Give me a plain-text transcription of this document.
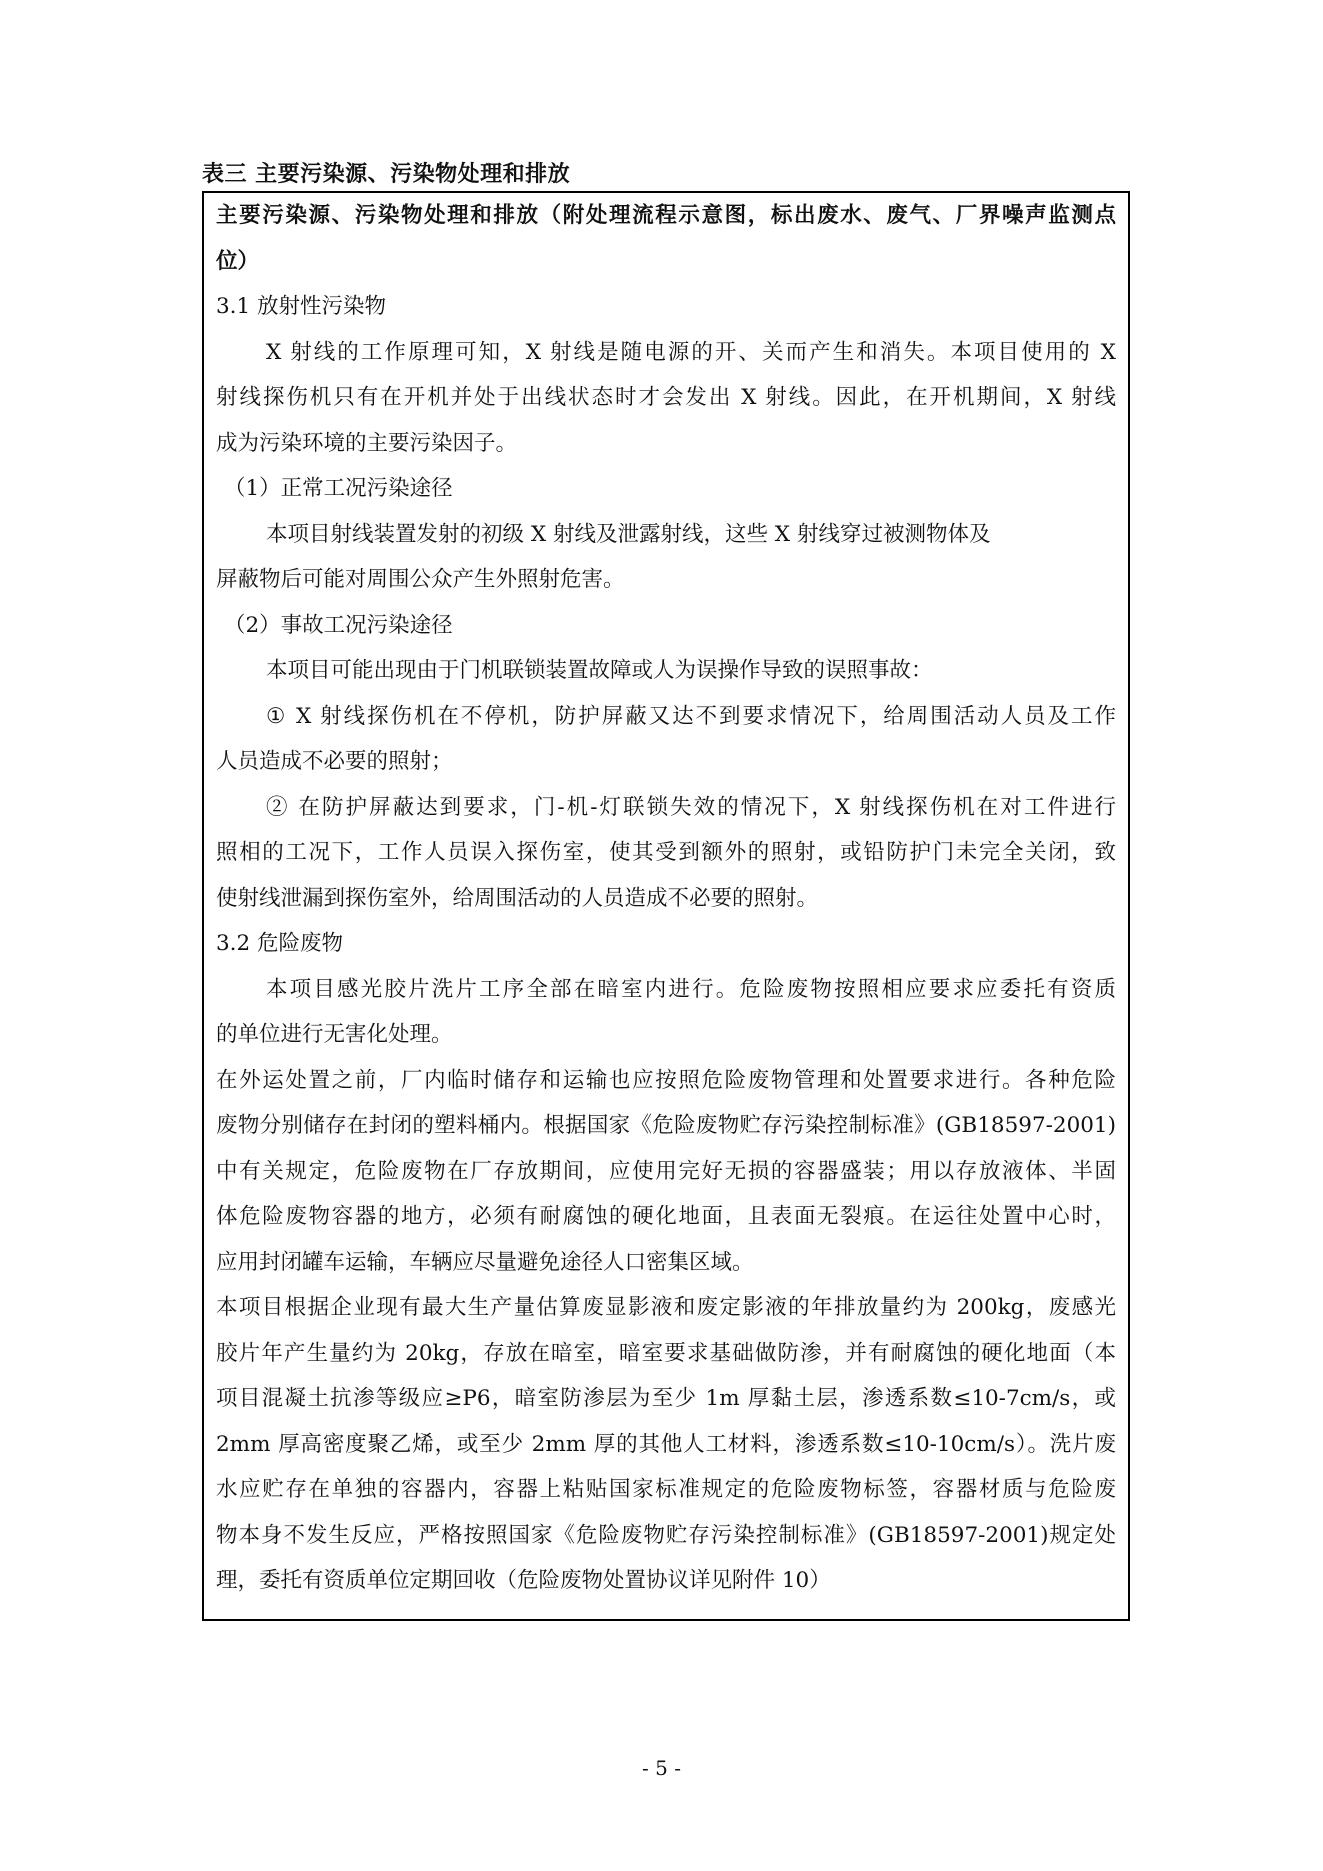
表三 主要污染源、污染物处理和排放
主要污染源、污染物处理和排放（附处理流程示意图，标出废水、废气、厂界噪声监测点
位）
3.1 放射性污染物
X 射线的工作原理可知，X 射线是随电源的开、关而产生和消失。本项目使用的 X
射线探伤机只有在开机并处于出线状态时才会发出 X 射线。因此，在开机期间，X 射线
成为污染环境的主要污染因子。
（1）正常工况污染途径
本项目射线装置发射的初级 X 射线及泄露射线，这些 X 射线穿过被测物体及
屏蔽物后可能对周围公众产生外照射危害。
（2）事故工况污染途径
本项目可能出现由于门机联锁装置故障或人为误操作导致的误照事故：
① X 射线探伤机在不停机，防护屏蔽又达不到要求情况下，给周围活动人员及工作
人员造成不必要的照射；
② 在防护屏蔽达到要求，门-机-灯联锁失效的情况下，X 射线探伤机在对工件进行
照相的工况下，工作人员误入探伤室，使其受到额外的照射，或铅防护门未完全关闭，致
使射线泄漏到探伤室外，给周围活动的人员造成不必要的照射。
3.2 危险废物
本项目感光胶片洗片工序全部在暗室内进行。危险废物按照相应要求应委托有资质
的单位进行无害化处理。
在外运处置之前，厂内临时储存和运输也应按照危险废物管理和处置要求进行。各种危险
废物分别储存在封闭的塑料桶内。根据国家《危险废物贮存污染控制标准》(GB18597-2001)
中有关规定，危险废物在厂存放期间，应使用完好无损的容器盛装；用以存放液体、半固
体危险废物容器的地方，必须有耐腐蚀的硬化地面，且表面无裂痕。在运往处置中心时，
应用封闭罐车运输，车辆应尽量避免途径人口密集区域。
本项目根据企业现有最大生产量估算废显影液和废定影液的年排放量约为 200kg，废感光
胶片年产生量约为 20kg，存放在暗室，暗室要求基础做防渗，并有耐腐蚀的硬化地面（本
项目混凝土抗渗等级应≥P6，暗室防渗层为至少 1m 厚黏土层，渗透系数≤10-7cm/s，或
2mm 厚高密度聚乙烯，或至少 2mm 厚的其他人工材料，渗透系数≤10-10cm/s）。洗片废
水应贮存在单独的容器内，容器上粘贴国家标准规定的危险废物标签，容器材质与危险废
物本身不发生反应，严格按照国家《危险废物贮存污染控制标准》(GB18597-2001)规定处
理，委托有资质单位定期回收（危险废物处置协议详见附件 10）
- 5 -
